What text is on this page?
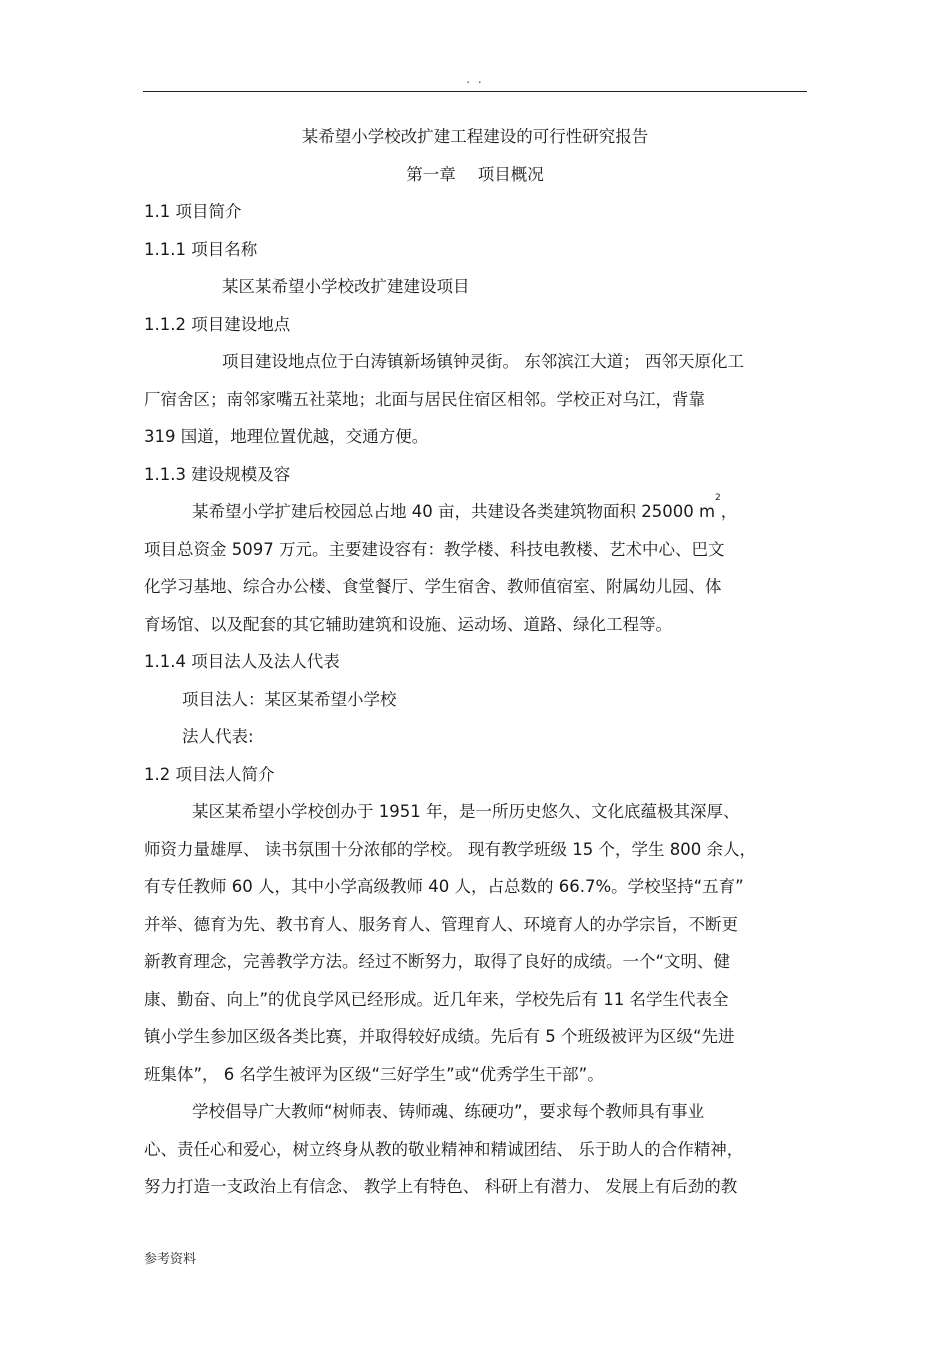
. .
某希望小学校改扩建工程建设的可行性研究报告
第一章 项目概况
1.1 项目简介
1.1.1 项目名称
某区某希望小学校改扩建建设项目
1.1.2 项目建设地点
项目建设地点位于白涛镇新场镇钟灵街。 东邻滨江大道； 西邻天原化工
厂宿舍区；南邻家嘴五社菜地；北面与居民住宿区相邻。学校正对乌江，背靠
319 国道，地理位置优越，交通方便。
1.1.3 建设规模及容
某希望小学扩建后校园总占地 40 亩，共建设各类建筑物面积 25000 $m^2$，
项目总资金 5097 万元。主要建设容有：教学楼、科技电教楼、艺术中心、巴文
化学习基地、综合办公楼、食堂餐厅、学生宿舍、教师值宿室、附属幼儿园、体
育场馆、以及配套的其它辅助建筑和设施、运动场、道路、绿化工程等。
1.1.4 项目法人及法人代表
项目法人：某区某希望小学校
法人代表:
1.2 项目法人简介
某区某希望小学校创办于 1951 年，是一所历史悠久、文化底蕴极其深厚、
师资力量雄厚、 读书氛围十分浓郁的学校。 现有教学班级 15 个，学生 800 余人，
有专任教师 60 人，其中小学高级教师 40 人，占总数的 66.7%。学校坚持“五育”
并举、德育为先、教书育人、服务育人、管理育人、环境育人的办学宗旨，不断更
新教育理念，完善教学方法。经过不断努力，取得了良好的成绩。一个“文明、健
康、勤奋、向上”的优良学风已经形成。近几年来，学校先后有 11 名学生代表全
镇小学生参加区级各类比赛，并取得较好成绩。先后有 5 个班级被评为区级“先进
班集体”， 6 名学生被评为区级“三好学生”或“优秀学生干部”。
学校倡导广大教师“树师表、铸师魂、练硬功”，要求每个教师具有事业
心、责任心和爱心，树立终身从教的敬业精神和精诚团结、 乐于助人的合作精神，
努力打造一支政治上有信念、 教学上有特色、 科研上有潜力、 发展上有后劲的教
参考资料
